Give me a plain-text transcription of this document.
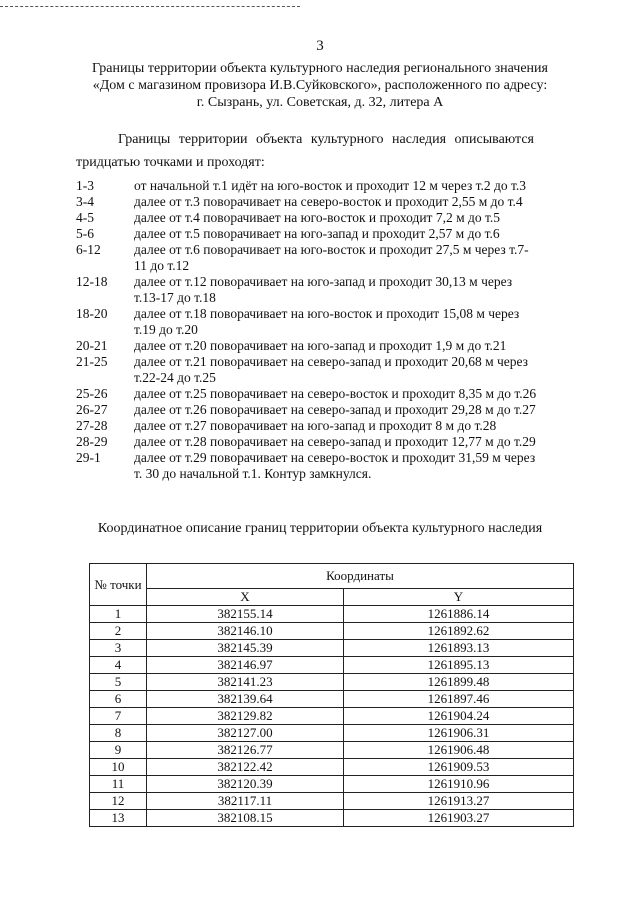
3
Границы территории объекта культурного наследия регионального значения
«Дом с магазином провизора И.В.Суйковского», расположенного по адресу:
г. Сызрань, ул. Советская, д. 32, литера А
Границы территории объекта культурного наследия описываются
тридцатью точками и проходят:
1-3	от начальной т.1 идёт на юго-восток и проходит 12 м через т.2 до т.3
3-4	далее от т.3 поворачивает на северо-восток и проходит 2,55 м до т.4
4-5	далее от т.4 поворачивает на юго-восток и проходит 7,2 м до т.5
5-6	далее от т.5 поворачивает на юго-запад и проходит 2,57 м до т.6
6-12	далее от т.6 поворачивает на юго-восток и проходит 27,5 м через т.7-
11 до т.12
12-18	далее от т.12 поворачивает на юго-запад и проходит 30,13 м через
т.13-17 до т.18
18-20	далее от т.18 поворачивает на юго-восток и проходит 15,08 м через
т.19 до т.20
20-21	далее от т.20 поворачивает на юго-запад и проходит 1,9 м до т.21
21-25	далее от т.21 поворачивает на северо-запад и проходит 20,68 м через
т.22-24 до т.25
25-26	далее от т.25 поворачивает на северо-восток и проходит 8,35 м до т.26
26-27	далее от т.26 поворачивает на северо-запад и проходит 29,28 м до т.27
27-28	далее от т.27 поворачивает на юго-запад и проходит 8 м до т.28
28-29	далее от т.28 поворачивает на северо-запад и проходит 12,77 м до т.29
29-1	далее от т.29 поворачивает на северо-восток и проходит 31,59 м через
т. 30 до начальной т.1. Контур замкнулся.
Координатное описание границ территории объекта культурного наследия
№ точки	Координаты	
	X	Y
1	382155.14	1261886.14
2	382146.10	1261892.62
3	382145.39	1261893.13
4	382146.97	1261895.13
5	382141.23	1261899.48
6	382139.64	1261897.46
7	382129.82	1261904.24
8	382127.00	1261906.31
9	382126.77	1261906.48
10	382122.42	1261909.53
11	382120.39	1261910.96
12	382117.11	1261913.27
13	382108.15	1261903.27
